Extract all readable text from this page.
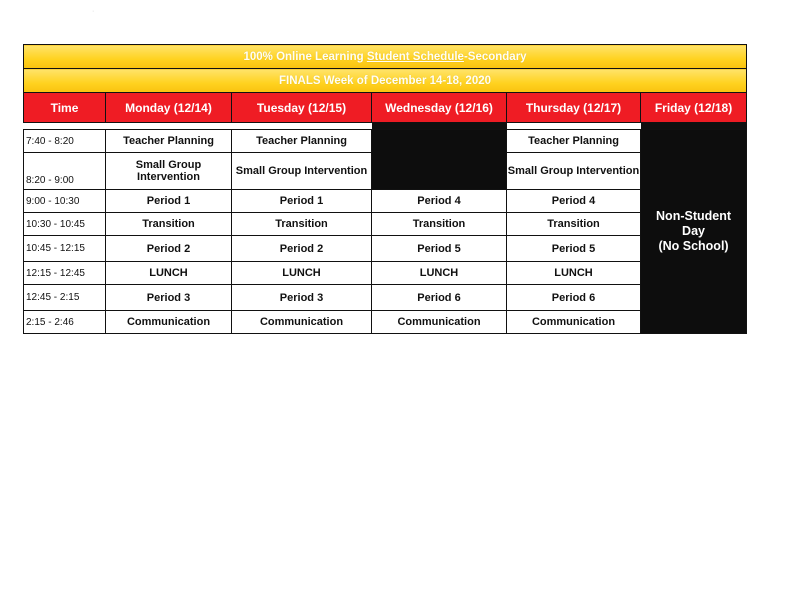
·
100% Online Learning Student Schedule-Secondary					
FINALS Week of December 14-18, 2020					
Time	Monday (12/14)	Tuesday (12/15)	Wednesday (12/16)	Thursday (12/17)	Friday (12/18)

7:40 - 8:20	Teacher Planning	Teacher Planning		Teacher Planning	Non-Student
Day
(No School)
8:20 - 9:00	Small Group Intervention	Small Group Intervention		Small Group Intervention	
9:00 - 10:30	Period 1	Period 1	Period 4	Period 4	
10:30 - 10:45	Transition	Transition	Transition	Transition	
10:45 - 12:15	Period 2	Period 2	Period 5	Period 5	
12:15 - 12:45	LUNCH	LUNCH	LUNCH	LUNCH	
12:45 - 2:15	Period 3	Period 3	Period 6	Period 6	
2:15 - 2:46	Communication	Communication	Communication	Communication	
